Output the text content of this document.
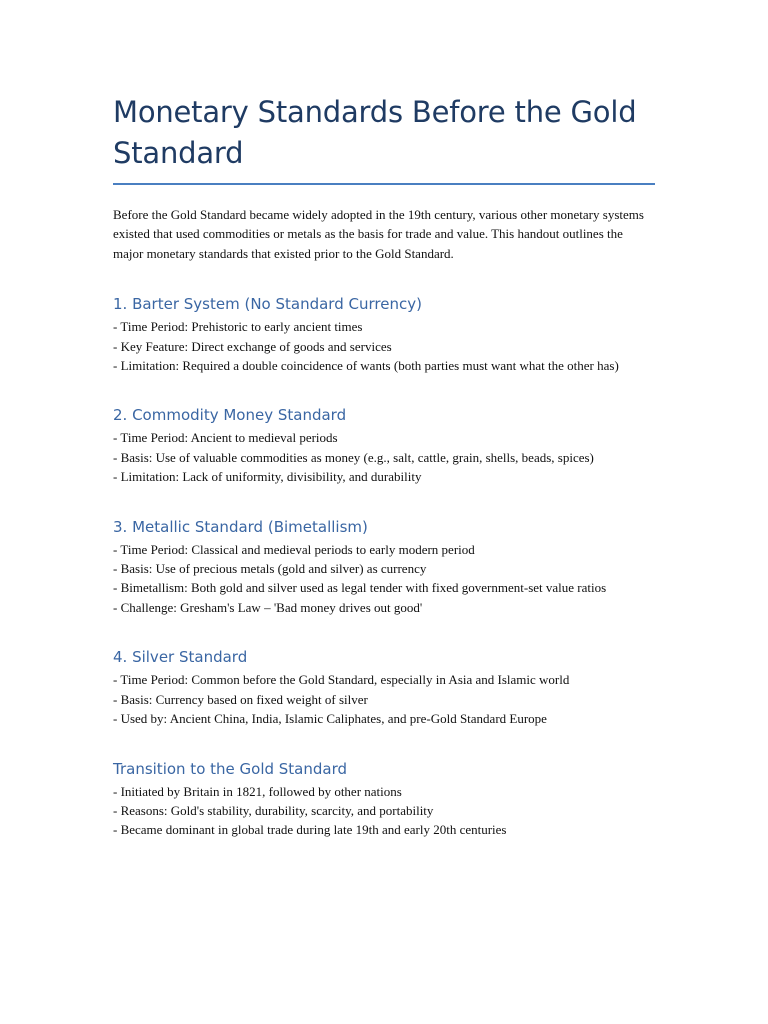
Monetary Standards Before the Gold Standard

Before the Gold Standard became widely adopted in the 19th century, various other monetary systems existed that used commodities or metals as the basis for trade and value. This handout outlines the major monetary standards that existed prior to the Gold Standard.

1. Barter System (No Standard Currency)

- Time Period: Prehistoric to early ancient times

- Key Feature: Direct exchange of goods and services

- Limitation: Required a double coincidence of wants (both parties must want what the other has)

2. Commodity Money Standard

- Time Period: Ancient to medieval periods

- Basis: Use of valuable commodities as money (e.g., salt, cattle, grain, shells, beads, spices)

- Limitation: Lack of uniformity, divisibility, and durability

3. Metallic Standard (Bimetallism)

- Time Period: Classical and medieval periods to early modern period

- Basis: Use of precious metals (gold and silver) as currency

- Bimetallism: Both gold and silver used as legal tender with fixed government-set value ratios

- Challenge: Gresham's Law – 'Bad money drives out good'

4. Silver Standard

- Time Period: Common before the Gold Standard, especially in Asia and Islamic world

- Basis: Currency based on fixed weight of silver

- Used by: Ancient China, India, Islamic Caliphates, and pre-Gold Standard Europe

Transition to the Gold Standard

- Initiated by Britain in 1821, followed by other nations

- Reasons: Gold's stability, durability, scarcity, and portability

- Became dominant in global trade during late 19th and early 20th centuries
